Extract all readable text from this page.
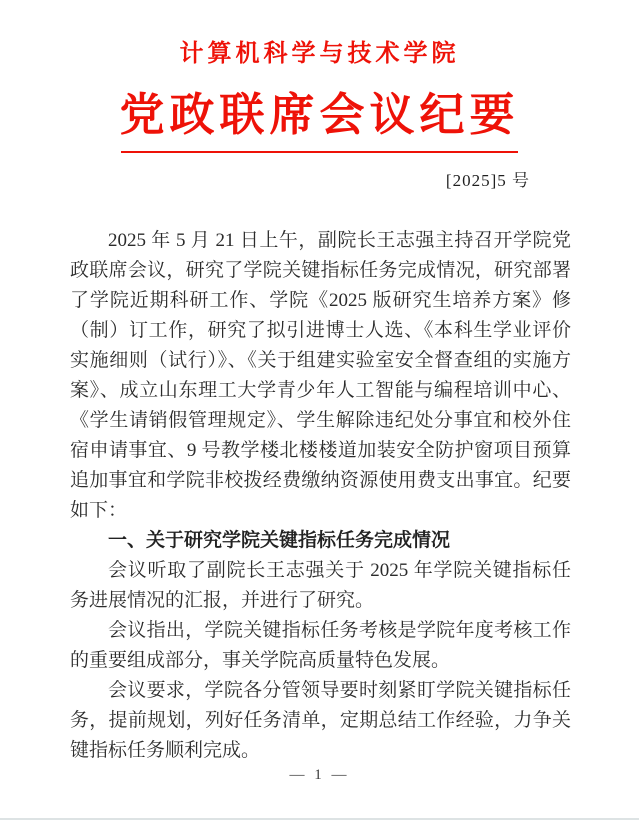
计算机科学与技术学院
党政联席会议纪要
[2025]5 号

2025 年 5 月 21 日上午，副院长王志强主持召开学院党政联席会议，研究了学院关键指标任务完成情况，研究部署了学院近期科研工作、学院《2025 版研究生培养方案》修（制）订工作，研究了拟引进博士人选、《本科生学业评价实施细则（试行）》、《关于组建实验室安全督查组的实施方案》、成立山东理工大学青少年人工智能与编程培训中心、《学生请销假管理规定》、学生解除违纪处分事宜和校外住宿申请事宜、9 号教学楼北楼楼道加装安全防护窗项目预算追加事宜和学院非校拨经费缴纳资源使用费支出事宜。纪要如下：

一、关于研究学院关键指标任务完成情况

会议听取了副院长王志强关于 2025 年学院关键指标任务进展情况的汇报，并进行了研究。

会议指出，学院关键指标任务考核是学院年度考核工作的重要组成部分，事关学院高质量特色发展。

会议要求，学院各分管领导要时刻紧盯学院关键指标任务，提前规划，列好任务清单，定期总结工作经验，力争关键指标任务顺利完成。

— 1 —
